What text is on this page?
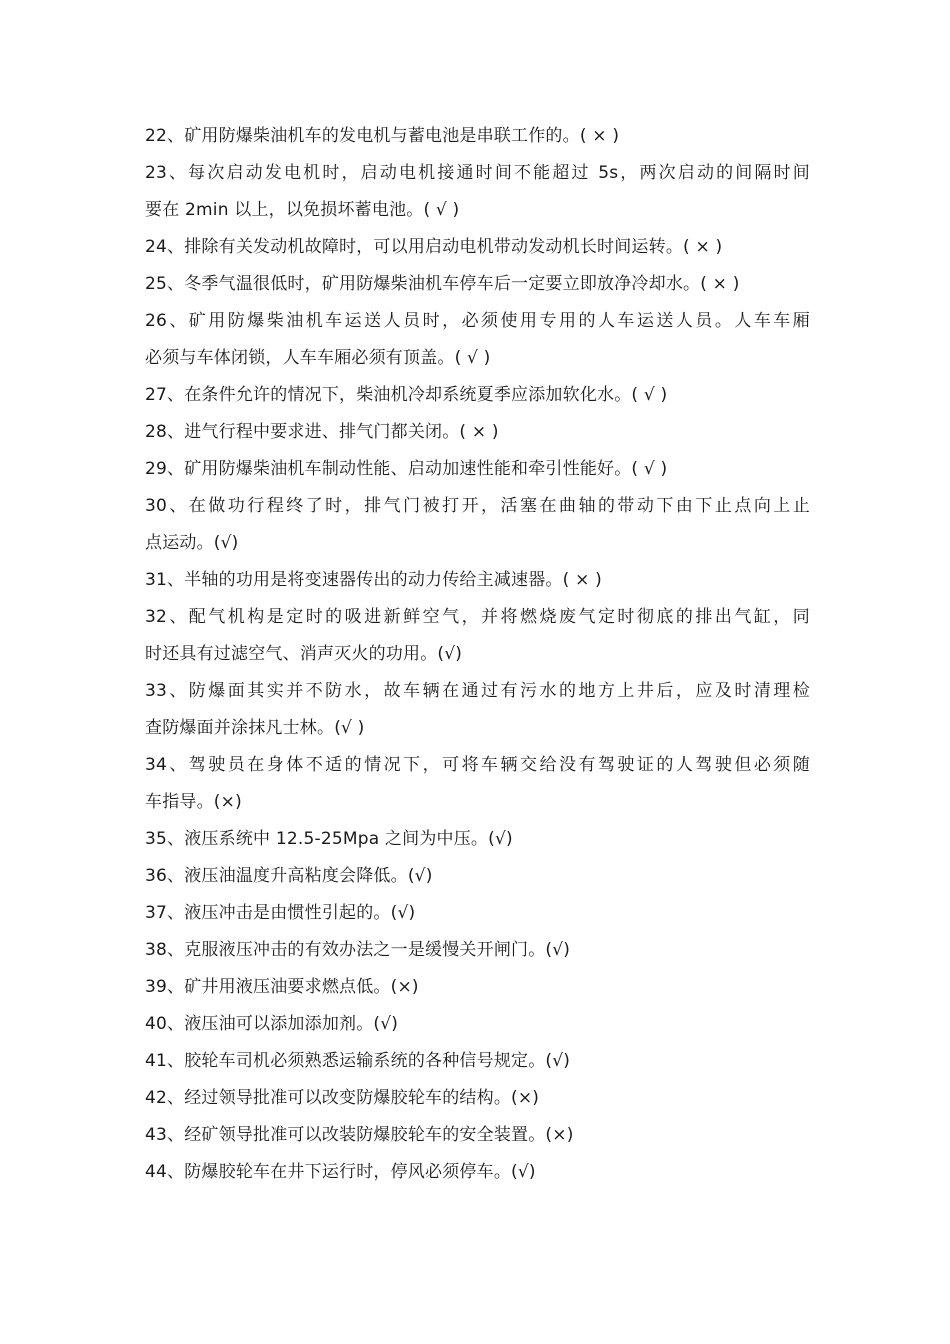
22、矿用防爆柴油机车的发电机与蓄电池是串联工作的。( × )
23、每次启动发电机时，启动电机接通时间不能超过 5s，两次启动的间隔时间
要在 2min 以上，以免损坏蓄电池。( √ )
24、排除有关发动机故障时，可以用启动电机带动发动机长时间运转。( × )
25、冬季气温很低时，矿用防爆柴油机车停车后一定要立即放净冷却水。( × )
26、矿用防爆柴油机车运送人员时，必须使用专用的人车运送人员。人车车厢
必须与车体闭锁，人车车厢必须有顶盖。( √ )
27、在条件允许的情况下，柴油机冷却系统夏季应添加软化水。( √ )
28、进气行程中要求进、排气门都关闭。( × )
29、矿用防爆柴油机车制动性能、启动加速性能和牵引性能好。( √ )
30、在做功行程终了时，排气门被打开，活塞在曲轴的带动下由下止点向上止
点运动。(√)
31、半轴的功用是将变速器传出的动力传给主减速器。( × )
32、配气机构是定时的吸进新鲜空气，并将燃烧废气定时彻底的排出气缸，同
时还具有过滤空气、消声灭火的功用。(√)
33、防爆面其实并不防水，故车辆在通过有污水的地方上井后，应及时清理检
查防爆面并涂抹凡士林。(√ )
34、驾驶员在身体不适的情况下，可将车辆交给没有驾驶证的人驾驶但必须随
车指导。(×)
35、液压系统中 12.5-25Mpa 之间为中压。(√)
36、液压油温度升高粘度会降低。(√)
37、液压冲击是由惯性引起的。(√)
38、克服液压冲击的有效办法之一是缓慢关开闸门。(√)
39、矿井用液压油要求燃点低。(×)
40、液压油可以添加添加剂。(√)
41、胶轮车司机必须熟悉运输系统的各种信号规定。(√)
42、经过领导批准可以改变防爆胶轮车的结构。(×)
43、经矿领导批准可以改装防爆胶轮车的安全装置。(×)
44、防爆胶轮车在井下运行时，停风必须停车。(√)
